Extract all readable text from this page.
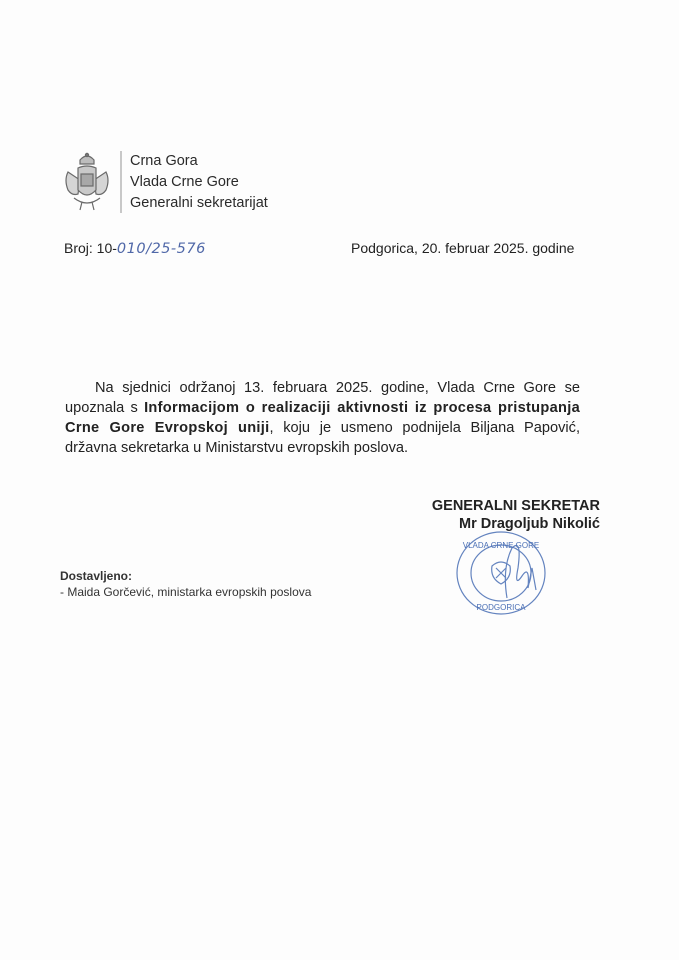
Crna Gora
Vlada Crne Gore
Generalni sekretarijat
Broj: 10-010/25-576	Podgorica, 20. februar 2025. godine

Na sjednici održanoj 13. februara 2025. godine, Vlada Crne Gore se upoznala s Informacijom o realizaciji aktivnosti iz procesa pristupanja Crne Gore Evropskoj uniji, koju je usmeno podnijela Biljana Papović, državna sekretarka u Ministarstvu evropskih poslova.

GENERALNI SEKRETAR
Mr Dragoljub Nikolić
VLADA CRNE GORE
PODGORICA
Dostavljeno:
- Maida Gorčević, ministarka evropskih poslova
